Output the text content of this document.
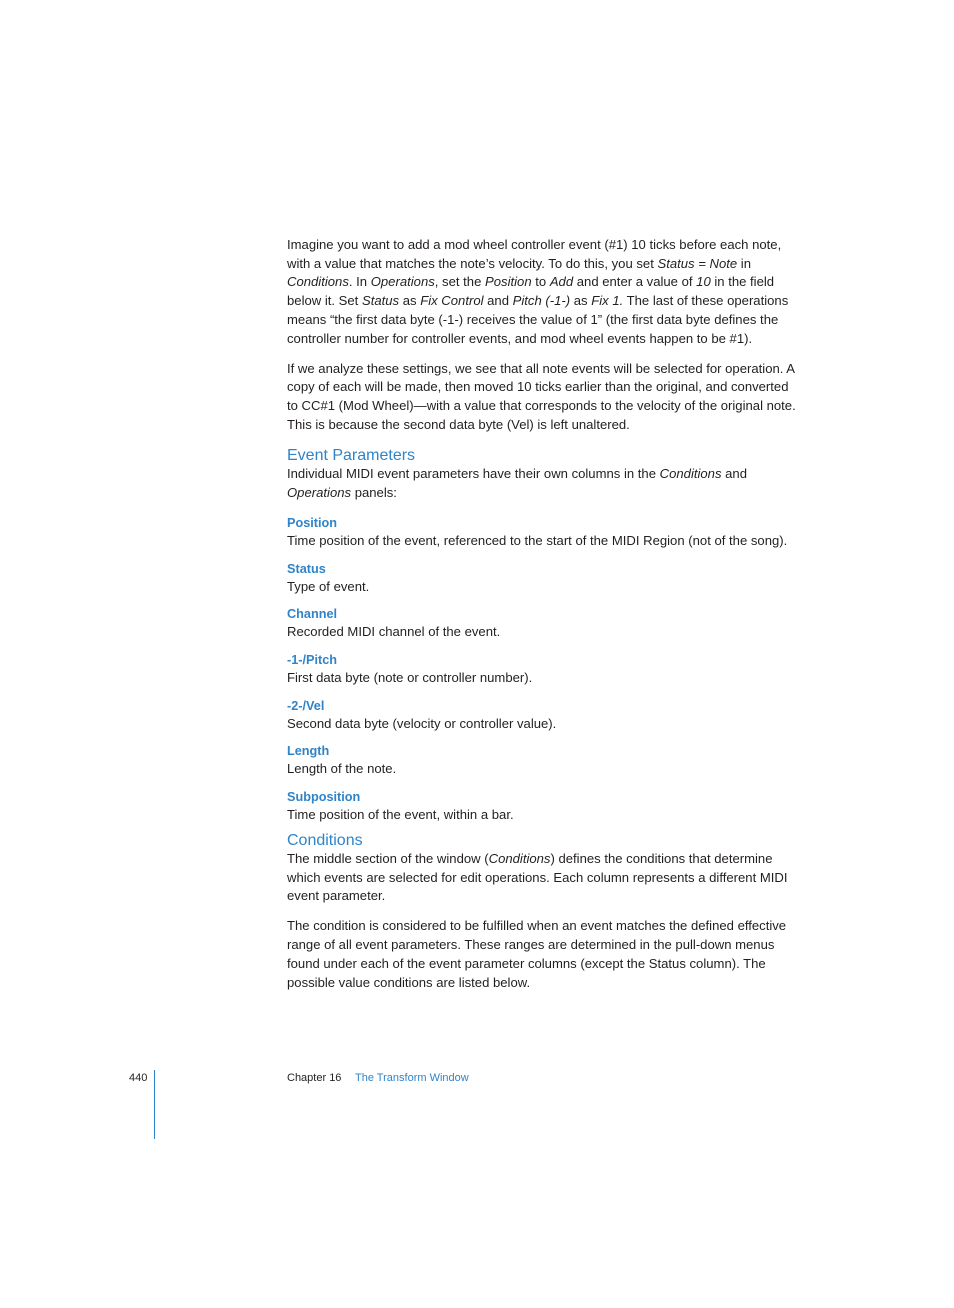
Imagine you want to add a mod wheel controller event (#1) 10 ticks before each note, with a value that matches the note’s velocity. To do this, you set Status = Note in Conditions. In Operations, set the Position to Add and enter a value of 10 in the field below it. Set Status as Fix Control and Pitch (-1-) as Fix 1. The last of these operations means “the first data byte (-1-) receives the value of 1” (the first data byte defines the controller number for controller events, and mod wheel events happen to be #1).

If we analyze these settings, we see that all note events will be selected for operation. A copy of each will be made, then moved 10 ticks earlier than the original, and converted to CC#1 (Mod Wheel)—with a value that corresponds to the velocity of the original note. This is because the second data byte (Vel) is left unaltered.

Event Parameters

Individual MIDI event parameters have their own columns in the Conditions and Operations panels:

Position

Time position of the event, referenced to the start of the MIDI Region (not of the song).

Status

Type of event.

Channel

Recorded MIDI channel of the event.

-1-/Pitch

First data byte (note or controller number).

-2-/Vel

Second data byte (velocity or controller value).

Length

Length of the note.

Subposition

Time position of the event, within a bar.

Conditions

The middle section of the window (Conditions) defines the conditions that determine which events are selected for edit operations. Each column represents a different MIDI event parameter.

The condition is considered to be fulfilled when an event matches the defined effective range of all event parameters. These ranges are determined in the pull-down menus found under each of the event parameter columns (except the Status column). The possible value conditions are listed below.

440	Chapter 16 The Transform Window
